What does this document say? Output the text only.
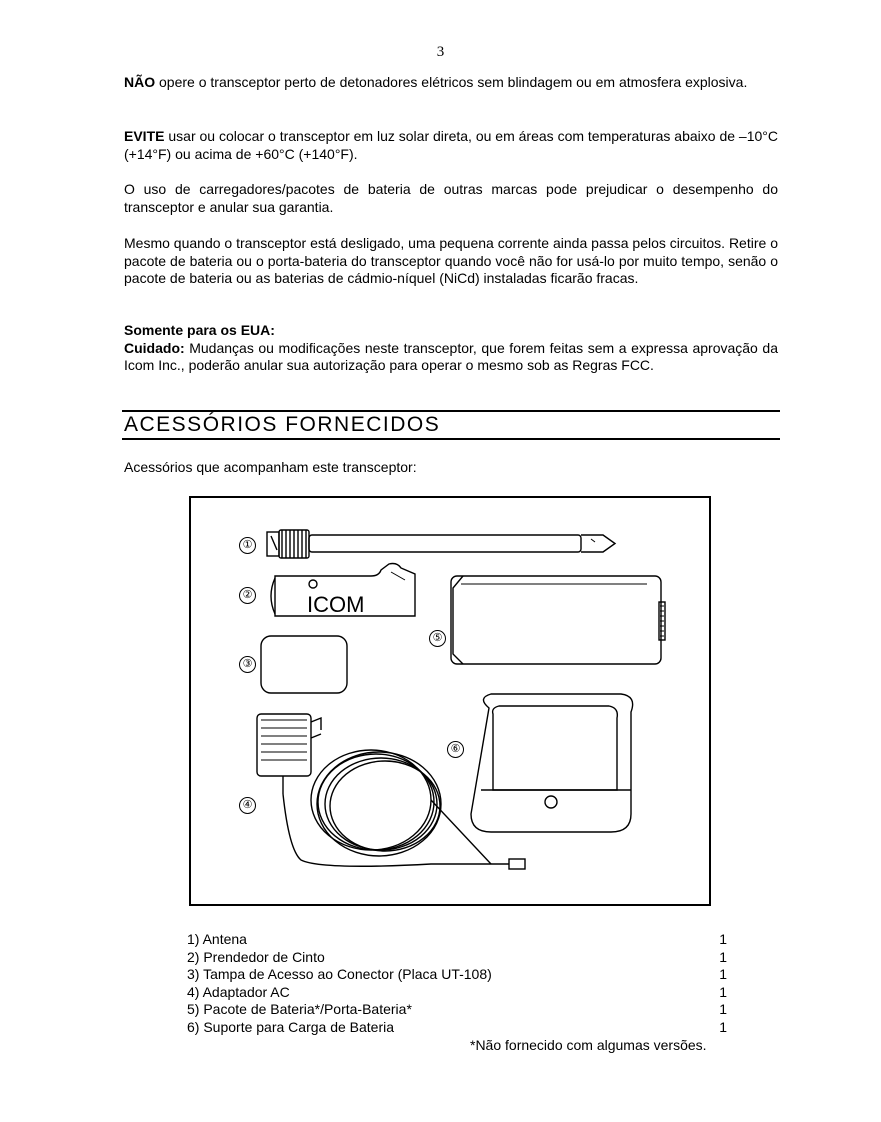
3

NÃO opere o transceptor perto de detonadores elétricos sem blindagem ou em atmosfera explosiva.

EVITE usar ou colocar o transceptor em luz solar direta, ou em áreas com temperaturas abaixo de –10°C (+14°F) ou acima de +60°C (+140°F).

O uso de carregadores/pacotes de bateria de outras marcas pode prejudicar o desempenho do transceptor e anular sua garantia.

Mesmo quando o transceptor está desligado, uma pequena corrente ainda passa pelos circuitos. Retire o pacote de bateria ou o porta-bateria do transceptor quando você não for usá-lo por muito tempo, senão o pacote de bateria ou as baterias de cádmio-níquel (NiCd) instaladas ficarão fracas.

Somente para os EUA:
Cuidado: Mudanças ou modificações neste transceptor, que forem feitas sem a expressa aprovação da Icom Inc., poderão anular sua autorização para operar o mesmo sob as Regras FCC.

ACESSÓRIOS FORNECIDOS
Acessórios que acompanham este transceptor:
ICOM
①
②
③
④
⑤
⑥
1) Antena	1
2) Prendedor de Cinto	1
3) Tampa de Acesso ao Conector (Placa UT-108)	1
4) Adaptador AC	1
5) Pacote de Bateria*/Porta-Bateria*	1
6) Suporte para Carga de Bateria	1
*Não fornecido com algumas versões.
